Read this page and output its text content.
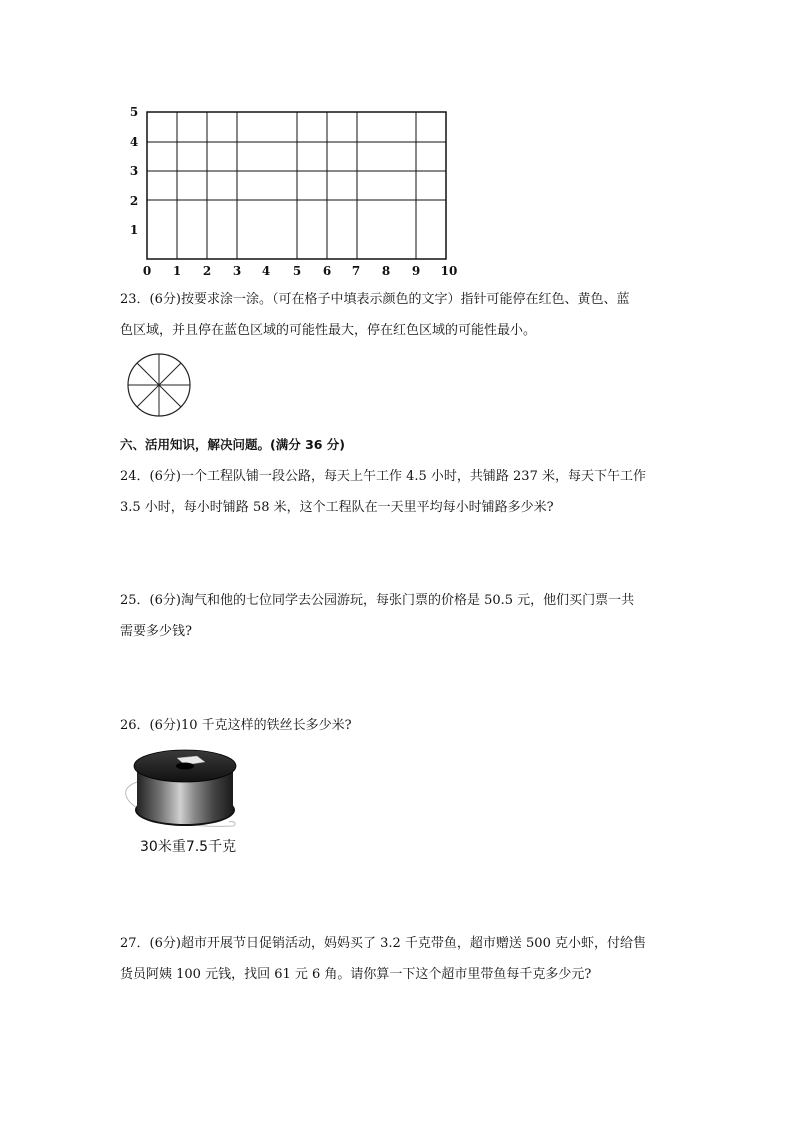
5
4
3
2
1
0	1	2	3	4	5	6	7	8	9	10
23．(6分)按要求涂一涂。（可在格子中填表示颜色的文字）指针可能停在红色、黄色、蓝
色区域，并且停在蓝色区域的可能性最大，停在红色区域的可能性最小。
六、活用知识，解决问题。(满分 36 分)
24．(6分)一个工程队铺一段公路，每天上午工作 4.5 小时，共铺路 237 米，每天下午工作
3.5 小时，每小时铺路 58 米，这个工程队在一天里平均每小时铺路多少米?
25．(6分)淘气和他的七位同学去公园游玩，每张门票的价格是 50.5 元，他们买门票一共
需要多少钱?
26．(6分)10 千克这样的铁丝长多少米?
30米重7.5千克
27．(6分)超市开展节日促销活动，妈妈买了 3.2 千克带鱼，超市赠送 500 克小虾，付给售
货员阿姨 100 元钱，找回 61 元 6 角。请你算一下这个超市里带鱼每千克多少元?
